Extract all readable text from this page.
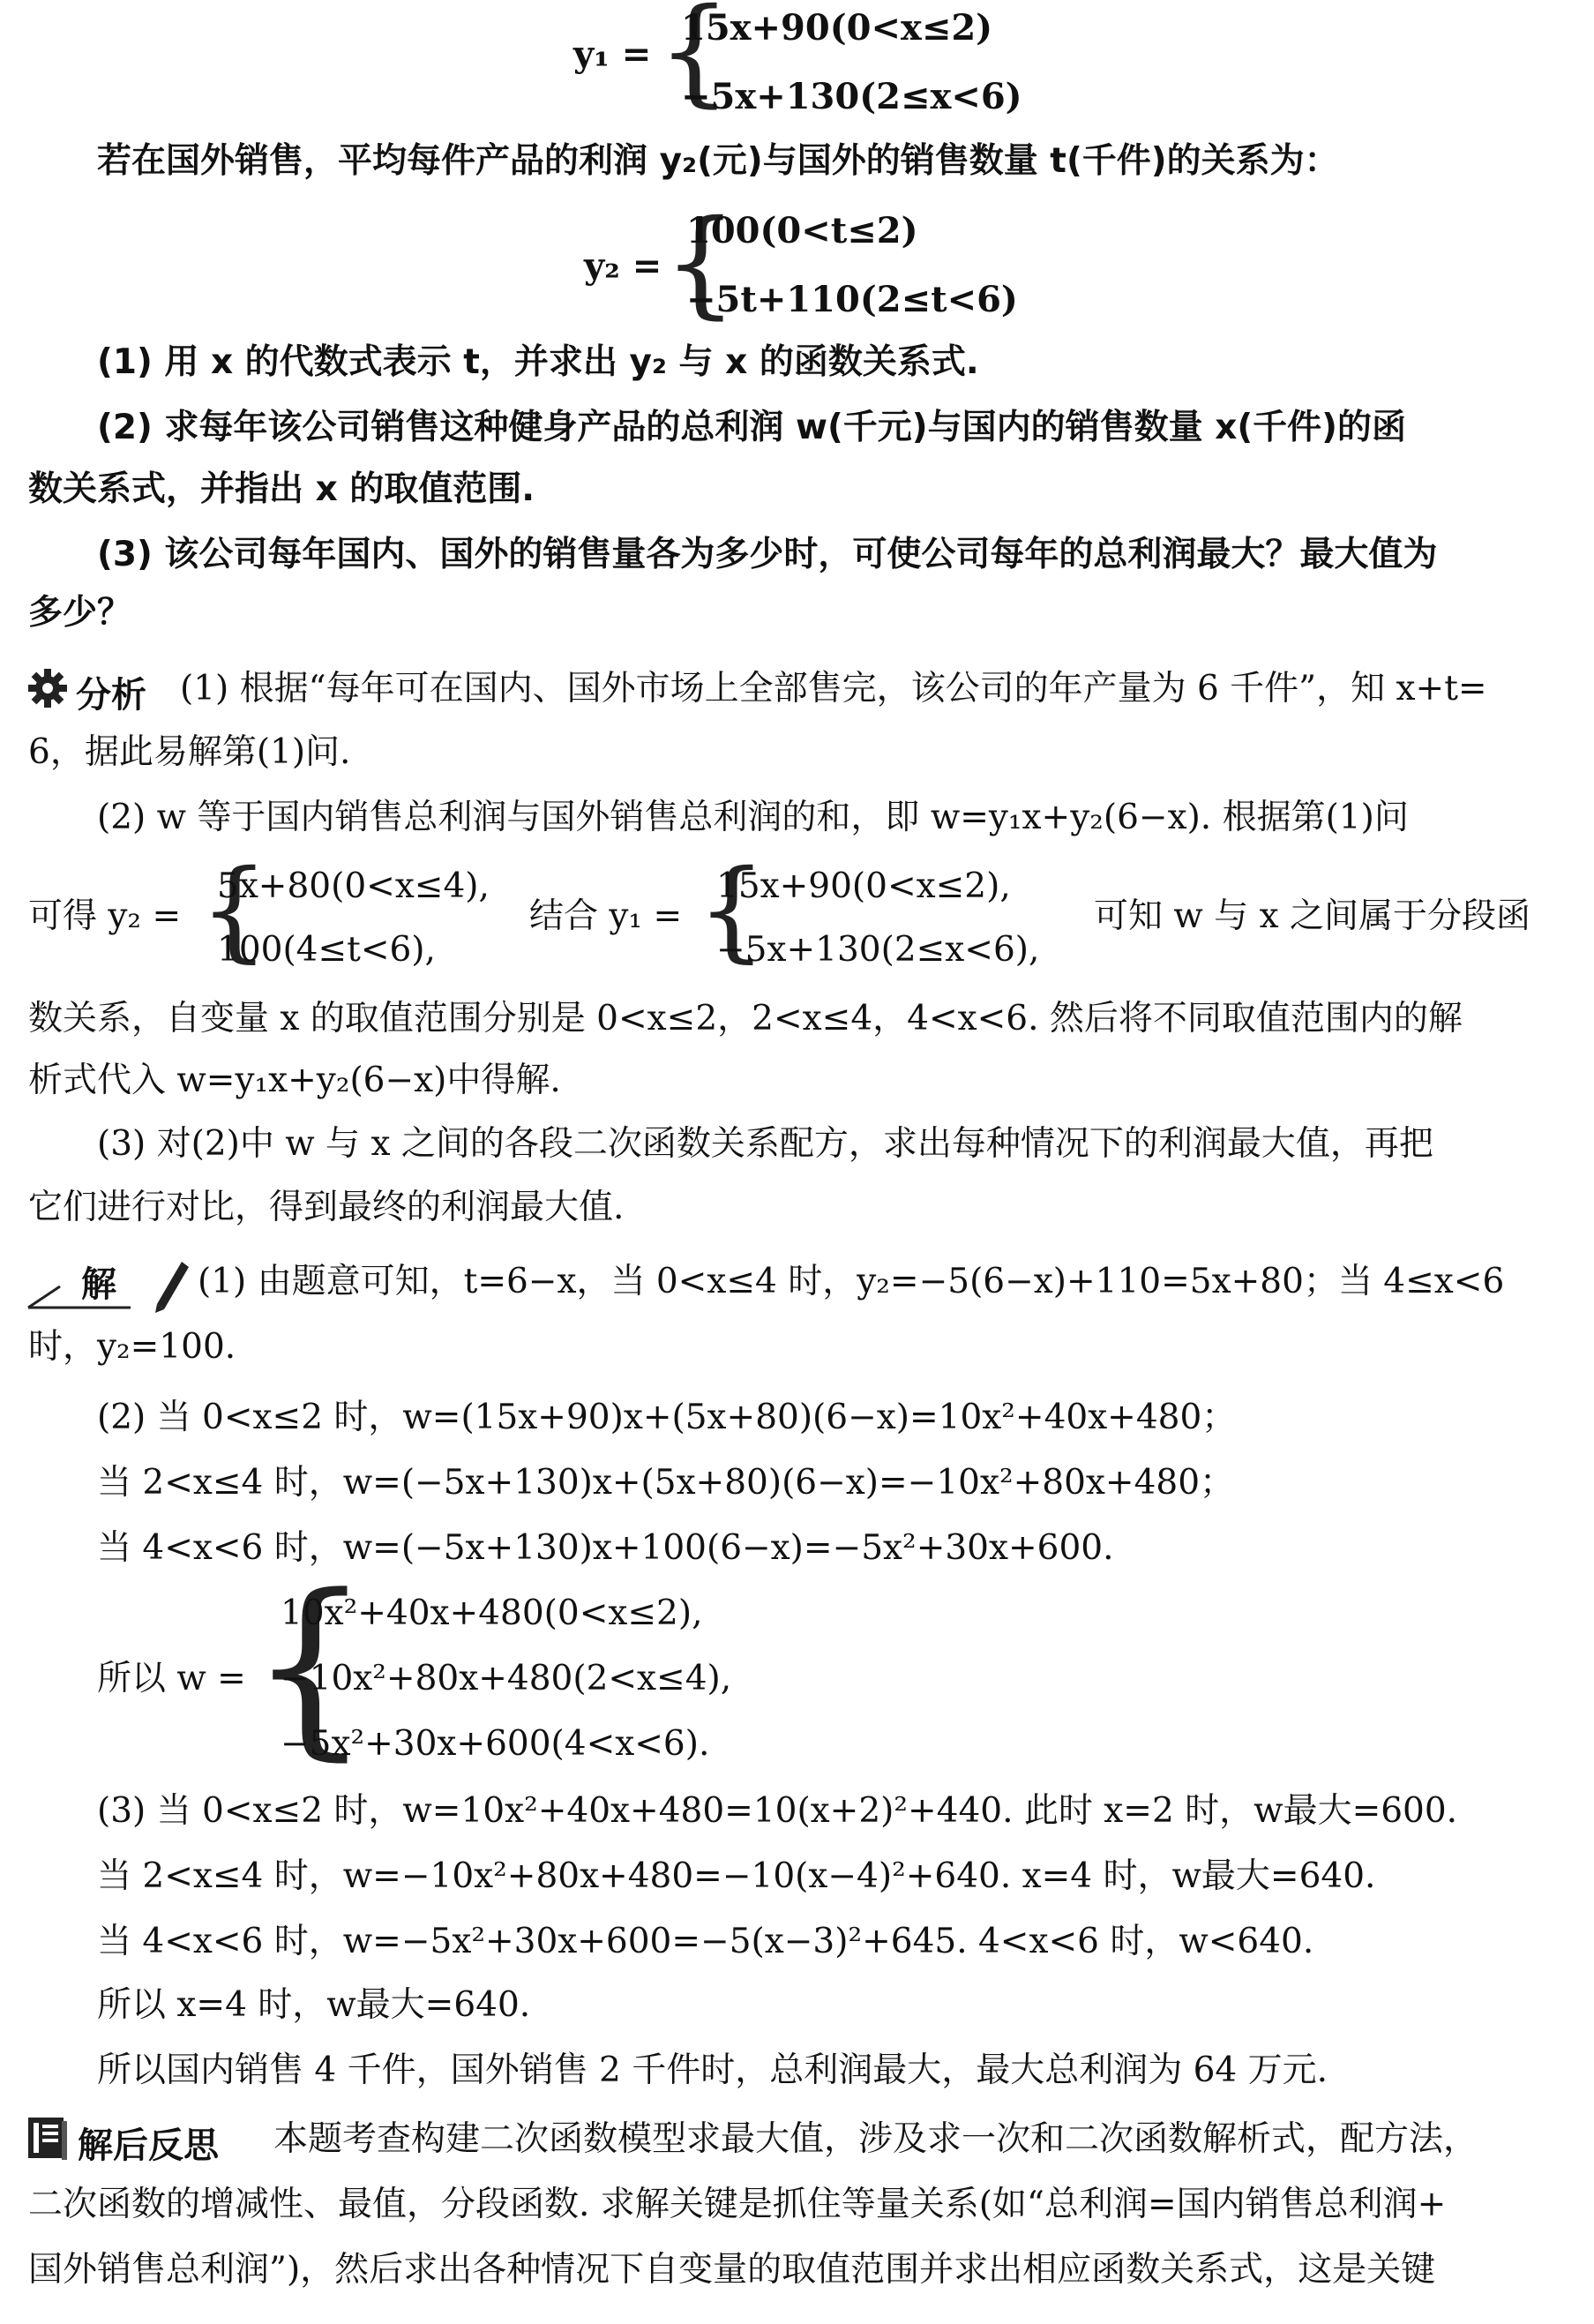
y₁ = {
15x+90(0<x≤2)
−5x+130(2≤x<6)
若在国外销售，平均每件产品的利润 y₂(元)与国外的销售数量 t(千件)的关系为：
y₂ = {
100(0<t≤2)
−5t+110(2≤t<6)
(1) 用 x 的代数式表示 t，并求出 y₂ 与 x 的函数关系式.
(2) 求每年该公司销售这种健身产品的总利润 w(千元)与国内的销售数量 x(千件)的函
数关系式，并指出 x 的取值范围.
(3) 该公司每年国内、国外的销售量各为多少时，可使公司每年的总利润最大？最大值为
多少？
分析 (1) 根据“每年可在国内、国外市场上全部售完，该公司的年产量为 6 千件”，知 x+t=
6，据此易解第(1)问.
(2) w 等于国内销售总利润与国外销售总利润的和，即 w=y₁x+y₂(6−x). 根据第(1)问
可得 y₂ = {
5x+80(0<x≤4),
100(4≤t<6),
结合 y₁ = {
15x+90(0<x≤2),
−5x+130(2≤x<6),
可知 w 与 x 之间属于分段函
数关系，自变量 x 的取值范围分别是 0<x≤2，2<x≤4，4<x<6. 然后将不同取值范围内的解
析式代入 w=y₁x+y₂(6−x)中得解.
(3) 对(2)中 w 与 x 之间的各段二次函数关系配方，求出每种情况下的利润最大值，再把
它们进行对比，得到最终的利润最大值.
解 (1) 由题意可知，t=6−x，当 0<x≤4 时，y₂=−5(6−x)+110=5x+80；当 4≤x<6
时，y₂=100.
(2) 当 0<x≤2 时，w=(15x+90)x+(5x+80)(6−x)=10x²+40x+480；
当 2<x≤4 时，w=(−5x+130)x+(5x+80)(6−x)=−10x²+80x+480；
当 4<x<6 时，w=(−5x+130)x+100(6−x)=−5x²+30x+600.
所以 w = {
10x²+40x+480(0<x≤2),
−10x²+80x+480(2<x≤4),
−5x²+30x+600(4<x<6).
(3) 当 0<x≤2 时，w=10x²+40x+480=10(x+2)²+440. 此时 x=2 时，w最大=600.
当 2<x≤4 时，w=−10x²+80x+480=−10(x−4)²+640. x=4 时，w最大=640.
当 4<x<6 时，w=−5x²+30x+600=−5(x−3)²+645. 4<x<6 时，w<640.
所以 x=4 时，w最大=640.
所以国内销售 4 千件，国外销售 2 千件时，总利润最大，最大总利润为 64 万元.
解后反思 本题考查构建二次函数模型求最大值，涉及求一次和二次函数解析式，配方法，
二次函数的增减性、最值，分段函数. 求解关键是抓住等量关系(如“总利润=国内销售总利润+
国外销售总利润”)，然后求出各种情况下自变量的取值范围并求出相应函数关系式，这是关键
